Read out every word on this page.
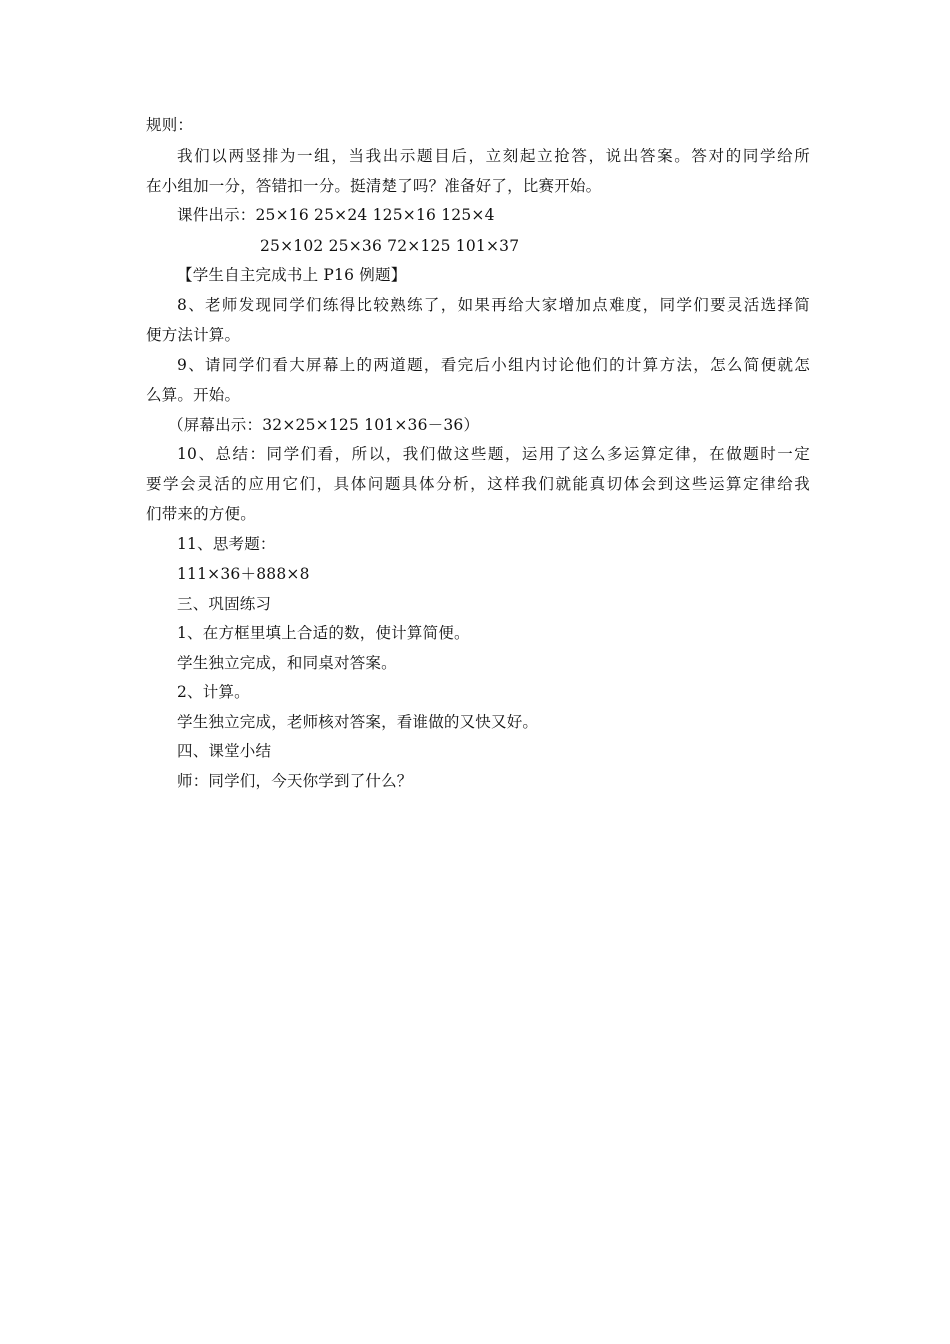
规则：
我们以两竖排为一组，当我出示题目后，立刻起立抢答，说出答案。答对的同学给所
在小组加一分，答错扣一分。挺清楚了吗？准备好了，比赛开始。
课件出示：25×16 25×24 125×16 125×4
25×102 25×36 72×125 101×37
【学生自主完成书上 P16 例题】
8、老师发现同学们练得比较熟练了，如果再给大家增加点难度，同学们要灵活选择简
便方法计算。
9、请同学们看大屏幕上的两道题，看完后小组内讨论他们的计算方法，怎么简便就怎
么算。开始。
（屏幕出示：32×25×125 101×36－36）
10、总结：同学们看，所以，我们做这些题，运用了这么多运算定律，在做题时一定
要学会灵活的应用它们，具体问题具体分析，这样我们就能真切体会到这些运算定律给我
们带来的方便。
11、思考题：
111×36＋888×8
三、巩固练习
1、在方框里填上合适的数，使计算简便。
学生独立完成，和同桌对答案。
2、计算。
学生独立完成，老师核对答案，看谁做的又快又好。
四、课堂小结
师：同学们，今天你学到了什么？
